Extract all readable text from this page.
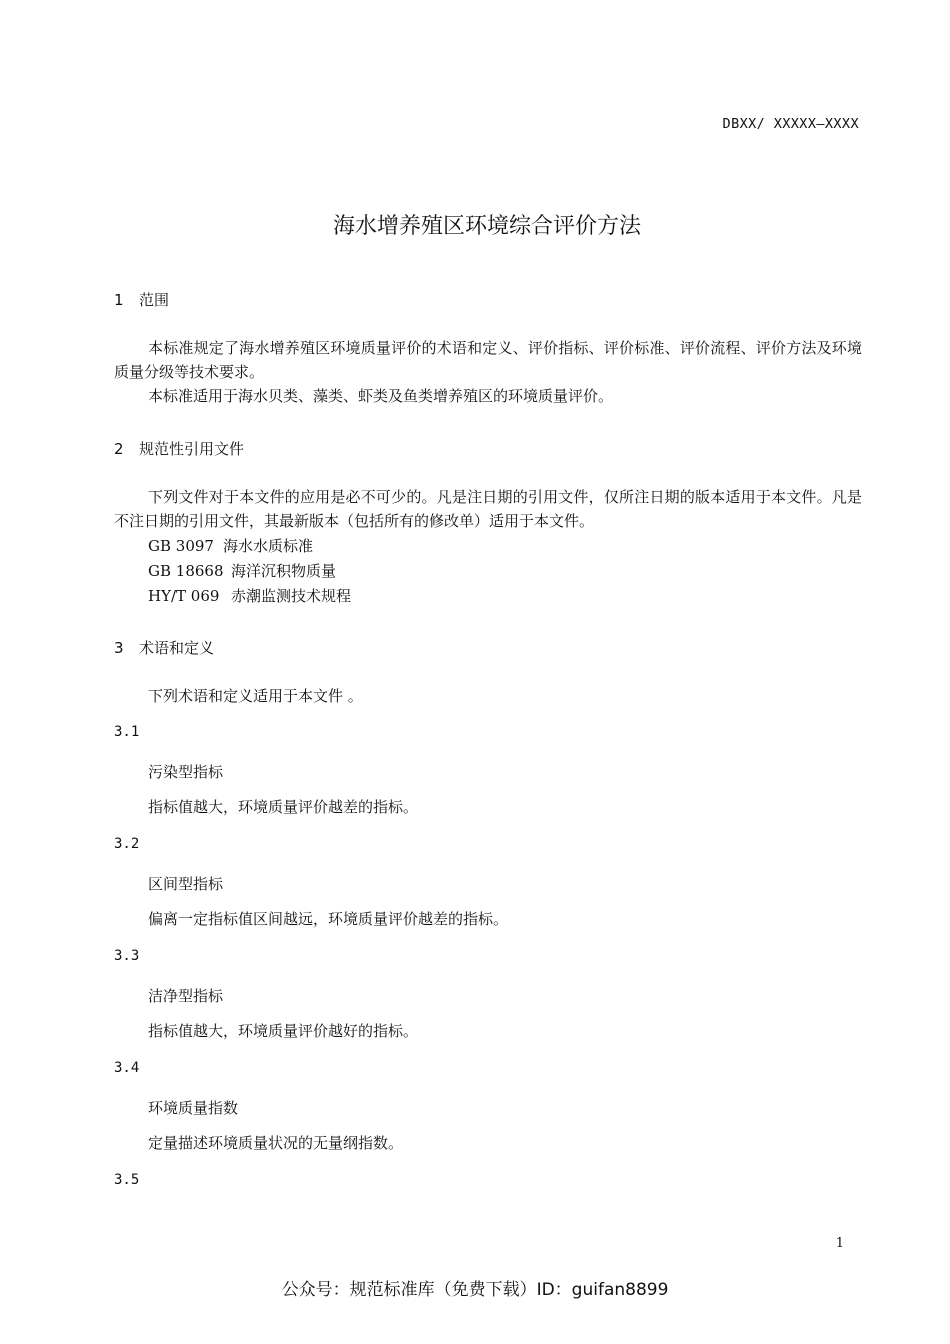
DBXX/ XXXXX—XXXX
海水增养殖区环境综合评价方法
1 范围

本标准规定了海水增养殖区环境质量评价的术语和定义、评价指标、评价标准、评价流程、评价方法及环境质量分级等技术要求。

本标准适用于海水贝类、藻类、虾类及鱼类增养殖区的环境质量评价。

2 规范性引用文件

下列文件对于本文件的应用是必不可少的。凡是注日期的引用文件，仅所注日期的版本适用于本文件。凡是不注日期的引用文件，其最新版本（包括所有的修改单）适用于本文件。

GB 3097 海水水质标准
GB 18668 海洋沉积物质量
HY/T 069 赤潮监测技术规程
3 术语和定义

下列术语和定义适用于本文件 。

3.1
污染型指标

指标值越大，环境质量评价越差的指标。

3.2
区间型指标

偏离一定指标值区间越远，环境质量评价越差的指标。

3.3
洁净型指标

指标值越大，环境质量评价越好的指标。

3.4
环境质量指数

定量描述环境质量状况的无量纲指数。

3.5
1
公众号：规范标准库（免费下载）ID：guifan8899
